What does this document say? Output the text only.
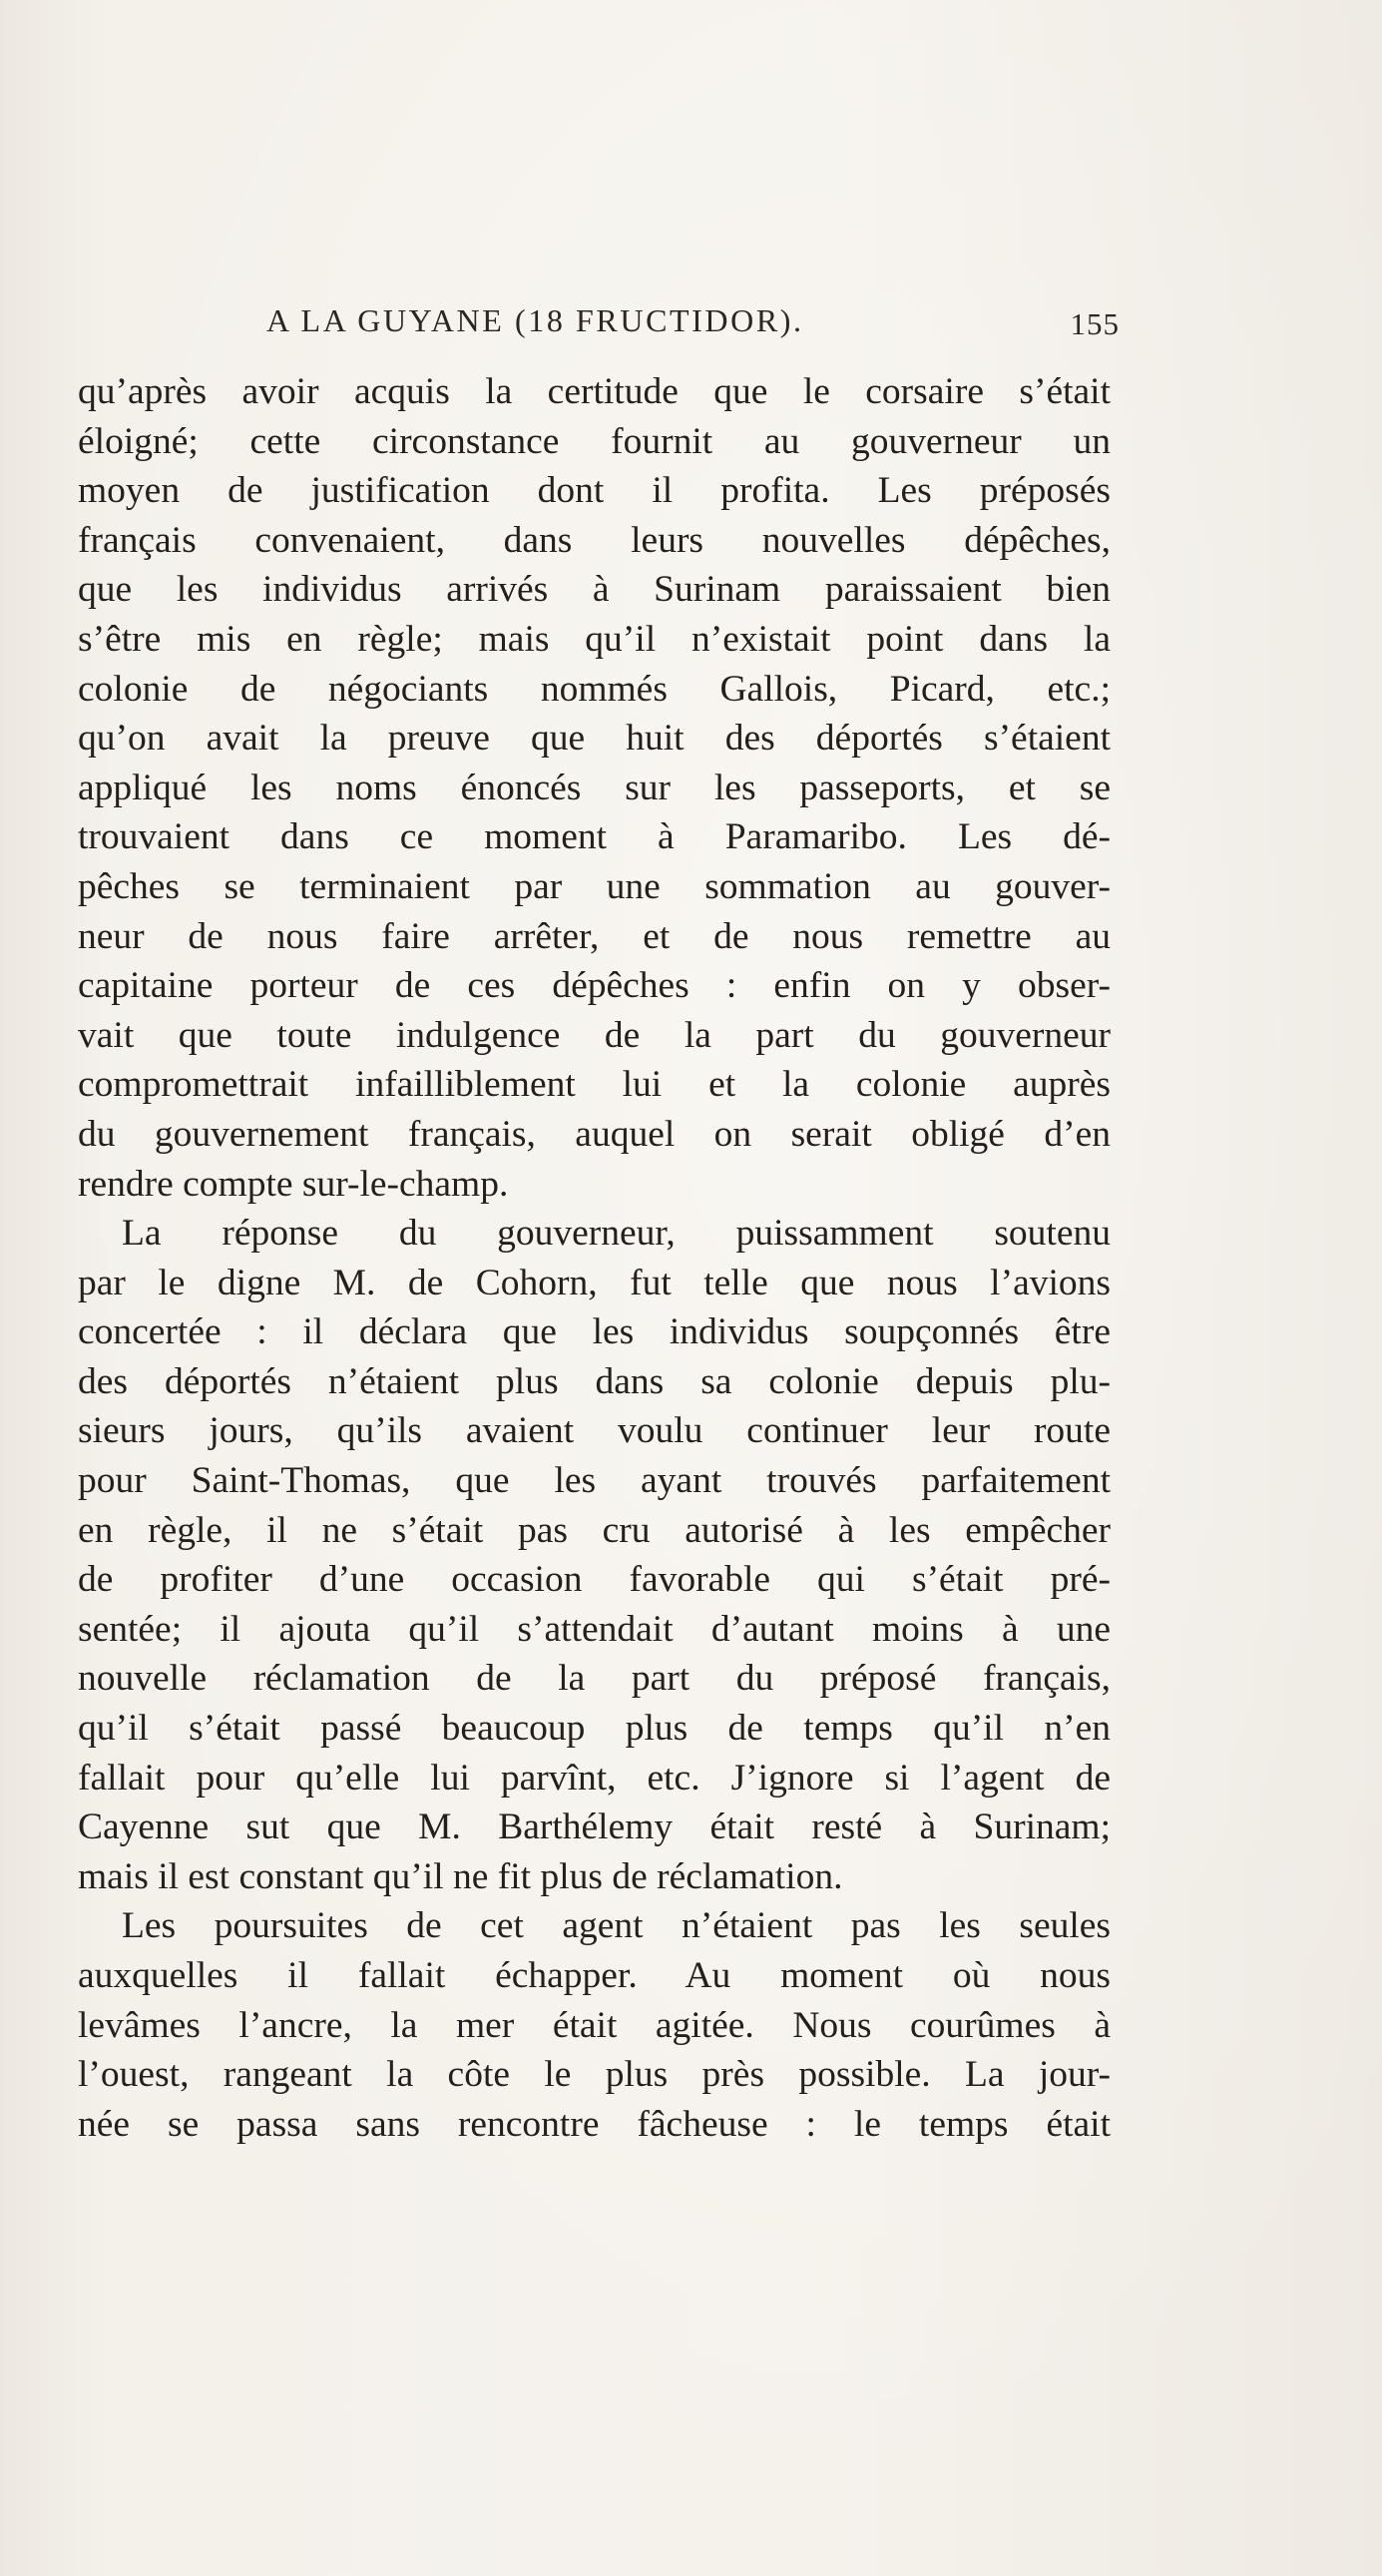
A LA GUYANE (18 FRUCTIDOR).	155
qu’après avoir acquis la certitude que le corsaire s’était
éloigné; cette circonstance fournit au gouverneur un
moyen de justification dont il profita. Les préposés
français convenaient, dans leurs nouvelles dépêches,
que les individus arrivés à Surinam paraissaient bien
s’être mis en règle; mais qu’il n’existait point dans la
colonie de négociants nommés Gallois, Picard, etc.;
qu’on avait la preuve que huit des déportés s’étaient
appliqué les noms énoncés sur les passeports, et se
trouvaient dans ce moment à Paramaribo. Les dé-
pêches se terminaient par une sommation au gouver-
neur de nous faire arrêter, et de nous remettre au
capitaine porteur de ces dépêches : enfin on y obser-
vait que toute indulgence de la part du gouverneur
compromettrait infailliblement lui et la colonie auprès
du gouvernement français, auquel on serait obligé d’en
rendre compte sur-le-champ.
La réponse du gouverneur, puissamment soutenu
par le digne M. de Cohorn, fut telle que nous l’avions
concertée : il déclara que les individus soupçonnés être
des déportés n’étaient plus dans sa colonie depuis plu-
sieurs jours, qu’ils avaient voulu continuer leur route
pour Saint-Thomas, que les ayant trouvés parfaitement
en règle, il ne s’était pas cru autorisé à les empêcher
de profiter d’une occasion favorable qui s’était pré-
sentée; il ajouta qu’il s’attendait d’autant moins à une
nouvelle réclamation de la part du préposé français,
qu’il s’était passé beaucoup plus de temps qu’il n’en
fallait pour qu’elle lui parvînt, etc. J’ignore si l’agent de
Cayenne sut que M. Barthélemy était resté à Surinam;
mais il est constant qu’il ne fit plus de réclamation.
Les poursuites de cet agent n’étaient pas les seules
auxquelles il fallait échapper. Au moment où nous
levâmes l’ancre, la mer était agitée. Nous courûmes à
l’ouest, rangeant la côte le plus près possible. La jour-
née se passa sans rencontre fâcheuse : le temps était
